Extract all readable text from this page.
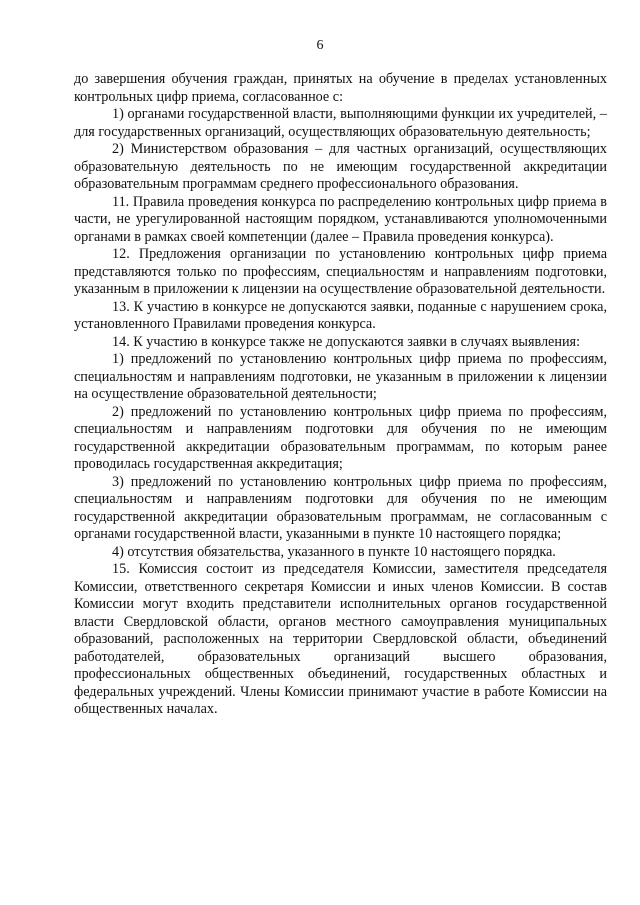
6

до завершения обучения граждан, принятых на обучение в пределах установленных контрольных цифр приема, согласованное с:

1) органами государственной власти, выполняющими функции их учредителей, – для государственных организаций, осуществляющих образовательную деятельность;

2) Министерством образования – для частных организаций, осуществляющих образовательную деятельность по не имеющим государственной аккредитации образовательным программам среднего профессионального образования.

11. Правила проведения конкурса по распределению контрольных цифр приема в части, не урегулированной настоящим порядком, устанавливаются уполномоченными органами в рамках своей компетенции (далее – Правила проведения конкурса).

12. Предложения организации по установлению контрольных цифр приема представляются только по профессиям, специальностям и направлениям подготовки, указанным в приложении к лицензии на осуществление образовательной деятельности.

13. К участию в конкурсе не допускаются заявки, поданные с нарушением срока, установленного Правилами проведения конкурса.

14. К участию в конкурсе также не допускаются заявки в случаях выявления:

1) предложений по установлению контрольных цифр приема по профессиям, специальностям и направлениям подготовки, не указанным в приложении к лицензии на осуществление образовательной деятельности;

2) предложений по установлению контрольных цифр приема по профессиям, специальностям и направлениям подготовки для обучения по не имеющим государственной аккредитации образовательным программам, по которым ранее проводилась государственная аккредитация;

3) предложений по установлению контрольных цифр приема по профессиям, специальностям и направлениям подготовки для обучения по не имеющим государственной аккредитации образовательным программам, не согласованным с органами государственной власти, указанными в пункте 10 настоящего порядка;

4) отсутствия обязательства, указанного в пункте 10 настоящего порядка.

15. Комиссия состоит из председателя Комиссии, заместителя председателя Комиссии, ответственного секретаря Комиссии и иных членов Комиссии. В состав Комиссии могут входить представители исполнительных органов государственной власти Свердловской области, органов местного самоуправления муниципальных образований, расположенных на территории Свердловской области, объединений работодателей, образовательных организаций высшего образования, профессиональных общественных объединений, государственных областных и федеральных учреждений. Члены Комиссии принимают участие в работе Комиссии на общественных началах.
